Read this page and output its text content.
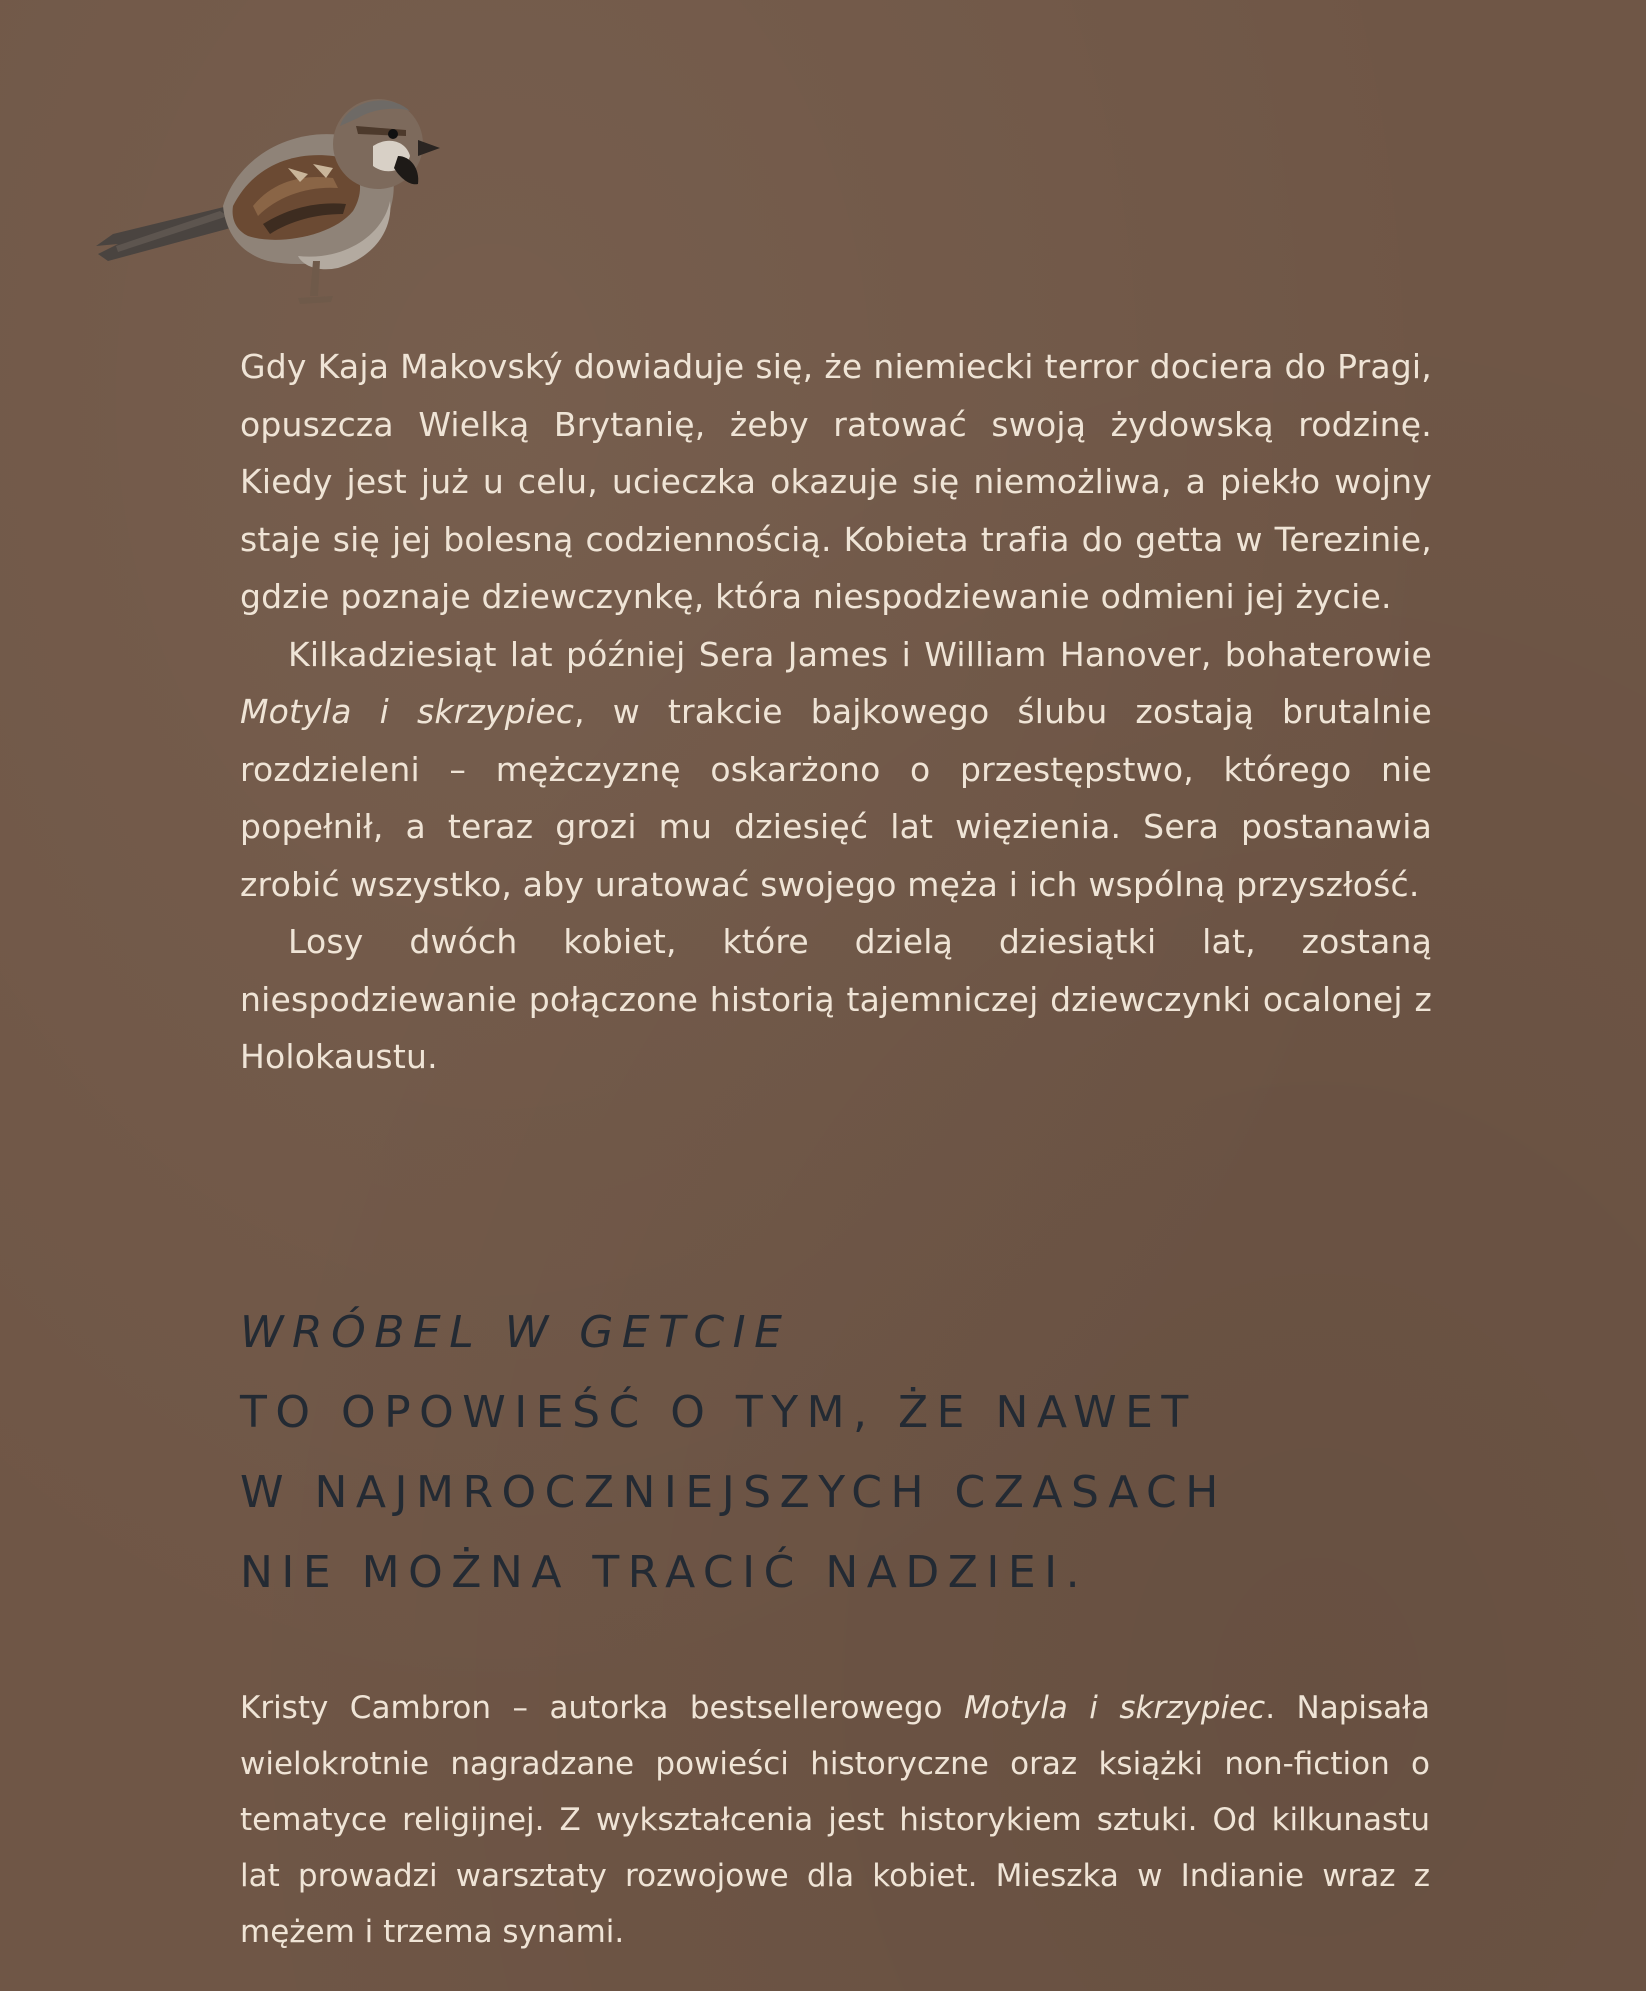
Gdy Kaja Makovský dowiaduje się, że niemiecki terror dociera do Pragi, opuszcza Wielką Brytanię, żeby ratować swoją żydowską rodzinę. Kiedy jest już u celu, ucieczka okazuje się niemożliwa, a piekło wojny staje się jej bolesną codziennością. Kobieta trafia do getta w Terezinie, gdzie poznaje dziewczynkę, która niespodziewanie odmieni jej życie.

Kilkadziesiąt lat później Sera James i William Hanover, bohaterowie Motyla i skrzypiec, w trakcie bajkowego ślubu zostają brutalnie rozdzieleni – mężczyznę oskarżono o przestępstwo, którego nie popełnił, a teraz grozi mu dziesięć lat więzienia. Sera postanawia zrobić wszystko, aby uratować swojego męża i ich wspólną przyszłość.

Losy dwóch kobiet, które dzielą dziesiątki lat, zostaną niespodziewanie połączone historią tajemniczej dziewczynki ocalonej z Holokaustu.

WRÓBEL W GETCIE
TO OPOWIEŚĆ O TYM, ŻE NAWET
W NAJMROCZNIEJSZYCH CZASACH
NIE MOŻNA TRACIĆ NADZIEI.

Kristy Cambron – autorka bestsellerowego Motyla i skrzypiec. Napisała wielokrotnie nagradzane powieści historyczne oraz książki non-fiction o tematyce religijnej. Z wykształcenia jest historykiem sztuki. Od kilkunastu lat prowadzi warsztaty rozwojowe dla kobiet. Mieszka w Indianie wraz z mężem i trzema synami.
